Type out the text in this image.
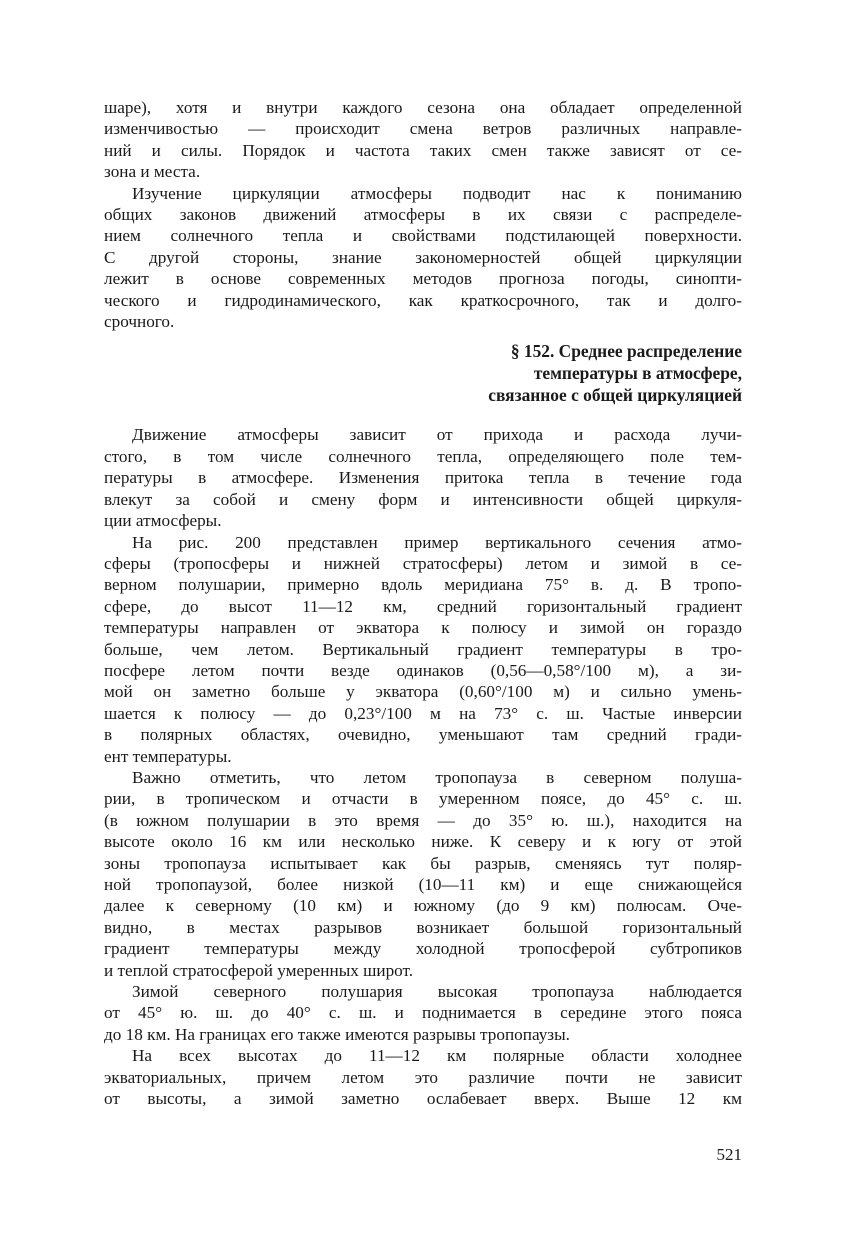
шаре), хотя и внутри каждого сезона она обладает определенной
изменчивостью — происходит смена ветров различных направле-
ний и силы. Порядок и частота таких смен также зависят от се-
зона и места.
Изучение циркуляции атмосферы подводит нас к пониманию
общих законов движений атмосферы в их связи с распределе-
нием солнечного тепла и свойствами подстилающей поверхности.
С другой стороны, знание закономерностей общей циркуляции
лежит в основе современных методов прогноза погоды, синопти-
ческого и гидродинамического, как краткосрочного, так и долго-
срочного.
§ 152. Среднее распределение
температуры в атмосфере,
связанное с общей циркуляцией
Движение атмосферы зависит от прихода и расхода лучи-
стого, в том числе солнечного тепла, определяющего поле тем-
пературы в атмосфере. Изменения притока тепла в течение года
влекут за собой и смену форм и интенсивности общей циркуля-
ции атмосферы.
На рис. 200 представлен пример вертикального сечения атмо-
сферы (тропосферы и нижней стратосферы) летом и зимой в се-
верном полушарии, примерно вдоль меридиана 75° в. д. В тропо-
сфере, до высот 11—12 км, средний горизонтальный градиент
температуры направлен от экватора к полюсу и зимой он гораздо
больше, чем летом. Вертикальный градиент температуры в тро-
посфере летом почти везде одинаков (0,56—0,58°/100 м), а зи-
мой он заметно больше у экватора (0,60°/100 м) и сильно умень-
шается к полюсу — до 0,23°/100 м на 73° с. ш. Частые инверсии
в полярных областях, очевидно, уменьшают там средний гради-
ент температуры.
Важно отметить, что летом тропопауза в северном полуша-
рии, в тропическом и отчасти в умеренном поясе, до 45° с. ш.
(в южном полушарии в это время — до 35° ю. ш.), находится на
высоте около 16 км или несколько ниже. К северу и к югу от этой
зоны тропопауза испытывает как бы разрыв, сменяясь тут поляр-
ной тропопаузой, более низкой (10—11 км) и еще снижающейся
далее к северному (10 км) и южному (до 9 км) полюсам. Оче-
видно, в местах разрывов возникает большой горизонтальный
градиент температуры между холодной тропосферой субтропиков
и теплой стратосферой умеренных широт.
Зимой северного полушария высокая тропопауза наблюдается
от 45° ю. ш. до 40° с. ш. и поднимается в середине этого пояса
до 18 км. На границах его также имеются разрывы тропопаузы.
На всех высотах до 11—12 км полярные области холоднее
экваториальных, причем летом это различие почти не зависит
от высоты, а зимой заметно ослабевает вверх. Выше 12 км
521
